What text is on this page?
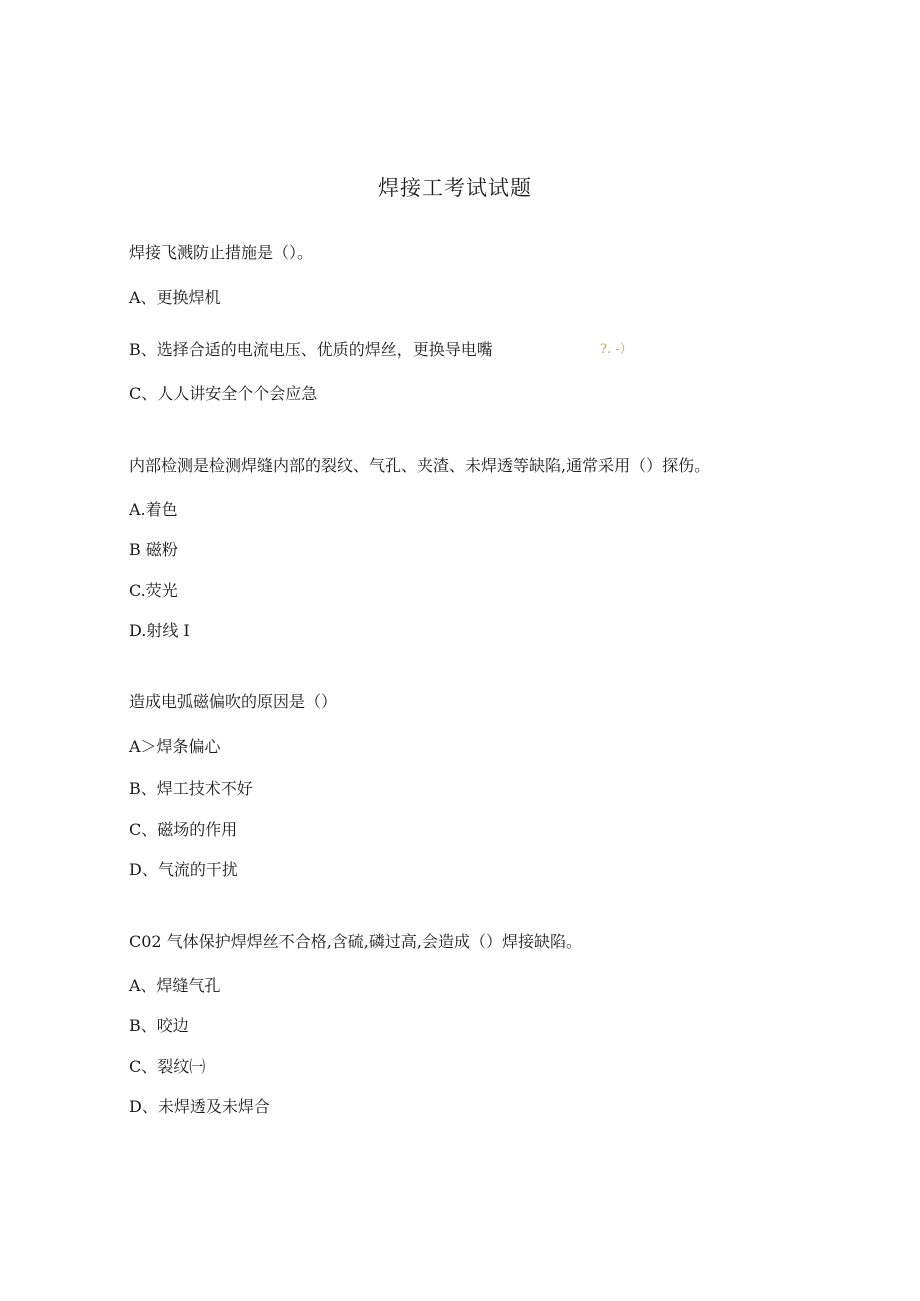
焊接工考试试题
焊接飞溅防止措施是（）。
A、更换焊机
B、选择合适的电流电压、优质的焊丝，更换导电嘴	?. -）
C、人人讲安全个个会应急
内部检测是检测焊缝内部的裂纹、气孔、夹渣、未焊透等缺陷,通常采用（）探伤。
A.着色
B 磁粉
C.荧光
D.射线 I
造成电弧磁偏吹的原因是（）
A＞焊条偏心
B、焊工技术不好
C、磁场的作用
D、气流的干扰
C02 气体保护焊焊丝不合格,含硫,磷过高,会造成（）焊接缺陷。
A、焊缝气孔
B、咬边
C、裂纹㈠
D、未焊透及未焊合
